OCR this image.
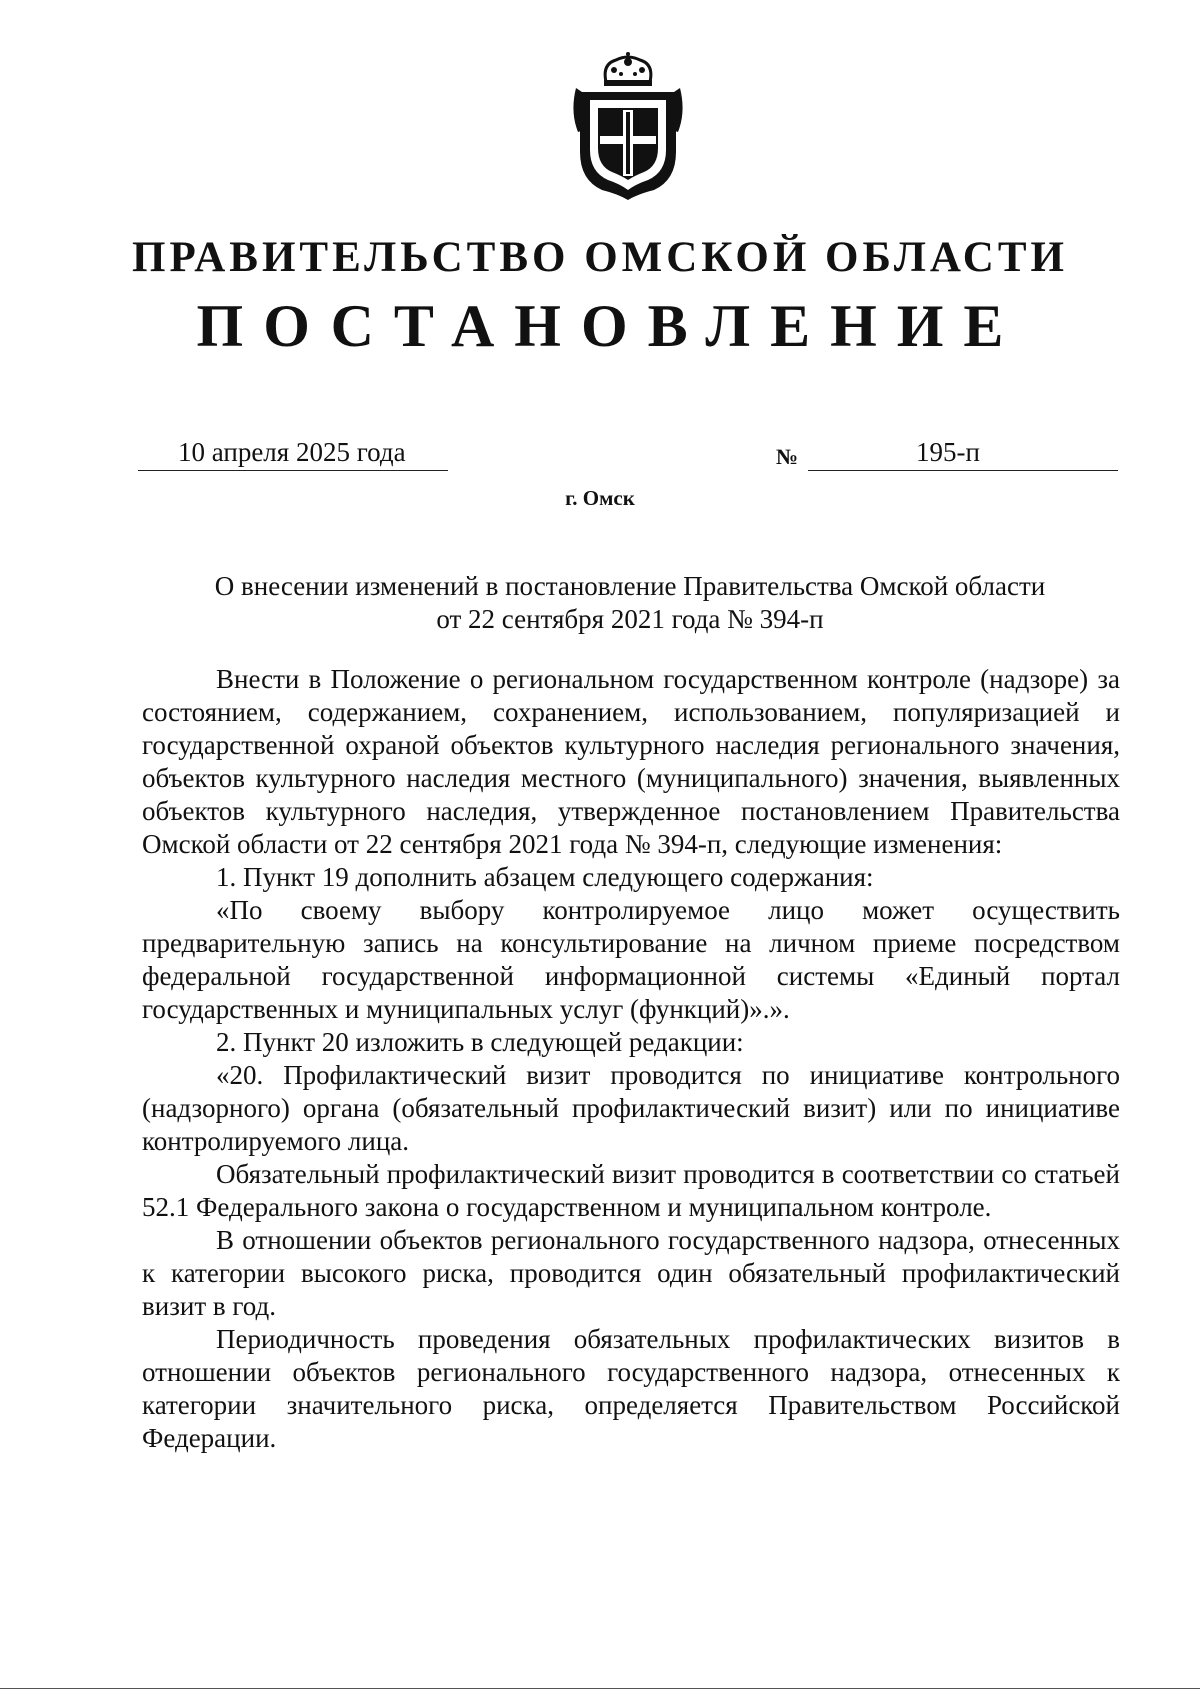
ПРАВИТЕЛЬСТВО ОМСКОЙ ОБЛАСТИ
ПОСТАНОВЛЕНИЕ
10 апреля 2025 года	№	195-п

г. Омск

О внесении изменений в постановление Правительства Омской области
от 22 сентября 2021 года № 394-п

Внести в Положение о региональном государственном контроле (надзоре) за состоянием, содержанием, сохранением, использованием, популяризацией и государственной охраной объектов культурного наследия регионального значения, объектов культурного наследия местного (муниципального) значения, выявленных объектов культурного наследия, утвержденное постановлением Правительства Омской области от 22 сентября 2021 года № 394-п, следующие изменения:

1. Пункт 19 дополнить абзацем следующего содержания:

«По своему выбору контролируемое лицо может осуществить предварительную запись на консультирование на личном приеме посредством федеральной государственной информационной системы «Единый портал государственных и муниципальных услуг (функций)».».

2. Пункт 20 изложить в следующей редакции:

«20. Профилактический визит проводится по инициативе контрольного (надзорного) органа (обязательный профилактический визит) или по инициативе контролируемого лица.

Обязательный профилактический визит проводится в соответствии со статьей 52.1 Федерального закона о государственном и муниципальном контроле.

В отношении объектов регионального государственного надзора, отнесенных к категории высокого риска, проводится один обязательный профилактический визит в год.

Периодичность проведения обязательных профилактических визитов в отношении объектов регионального государственного надзора, отнесенных к категории значительного риска, определяется Правительством Российской Федерации.
